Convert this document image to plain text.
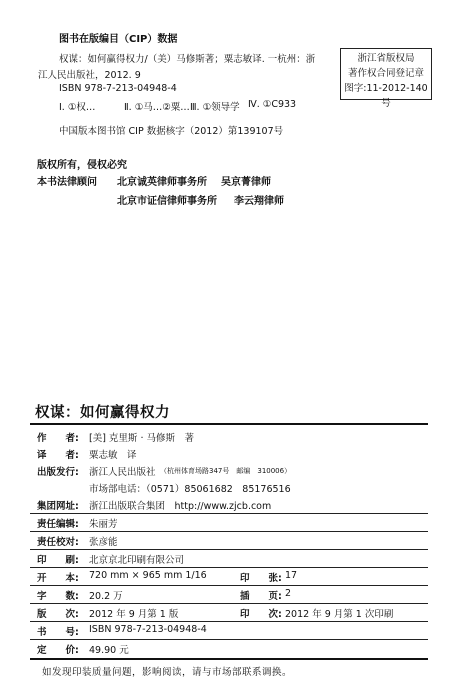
图书在版编目（CIP）数据
权谋：如何赢得权力/（美）马修斯著；粟志敏译. 一杭州：浙
江人民出版社，2012. 9
ISBN 978-7-213-04948-4
Ⅰ. ①权…	Ⅱ. ①马…②粟… Ⅲ. ①领导学 Ⅳ. ①C933
中国版本图书馆 CIP 数据核字（2012）第139107号
浙江省版权局
著作权合同登记章
图字:11-2012-140号
版权所有，侵权必究
本书法律顾问 北京诚英律师事务所 吴京菁律师
北京市证信律师事务所 李云翔律师
权谋：如何赢得权力
作　　者: [美] 克里斯 · 马修斯　著
译　　者: 粟志敏　译
出版发行: 浙江人民出版社 （杭州体育场路347号　邮编　310006）
市场部电话：（0571）85061682　85176516
集团网址: 浙江出版联合集团　http://www.zjcb.com
责任编辑: 朱丽芳
责任校对: 张彦能
印　　刷: 北京京北印刷有限公司
开　　本: 720 mm × 965 mm 1/16	印　　张: 17
字　　数: 20.2 万	插　　页: 2
版　　次: 2012 年 9 月第 1 版	印　　次: 2012 年 9 月第 1 次印刷
书　　号: ISBN 978-7-213-04948-4
定　　价: 49.90 元
如发现印装质量问题，影响阅读，请与市场部联系调换。
